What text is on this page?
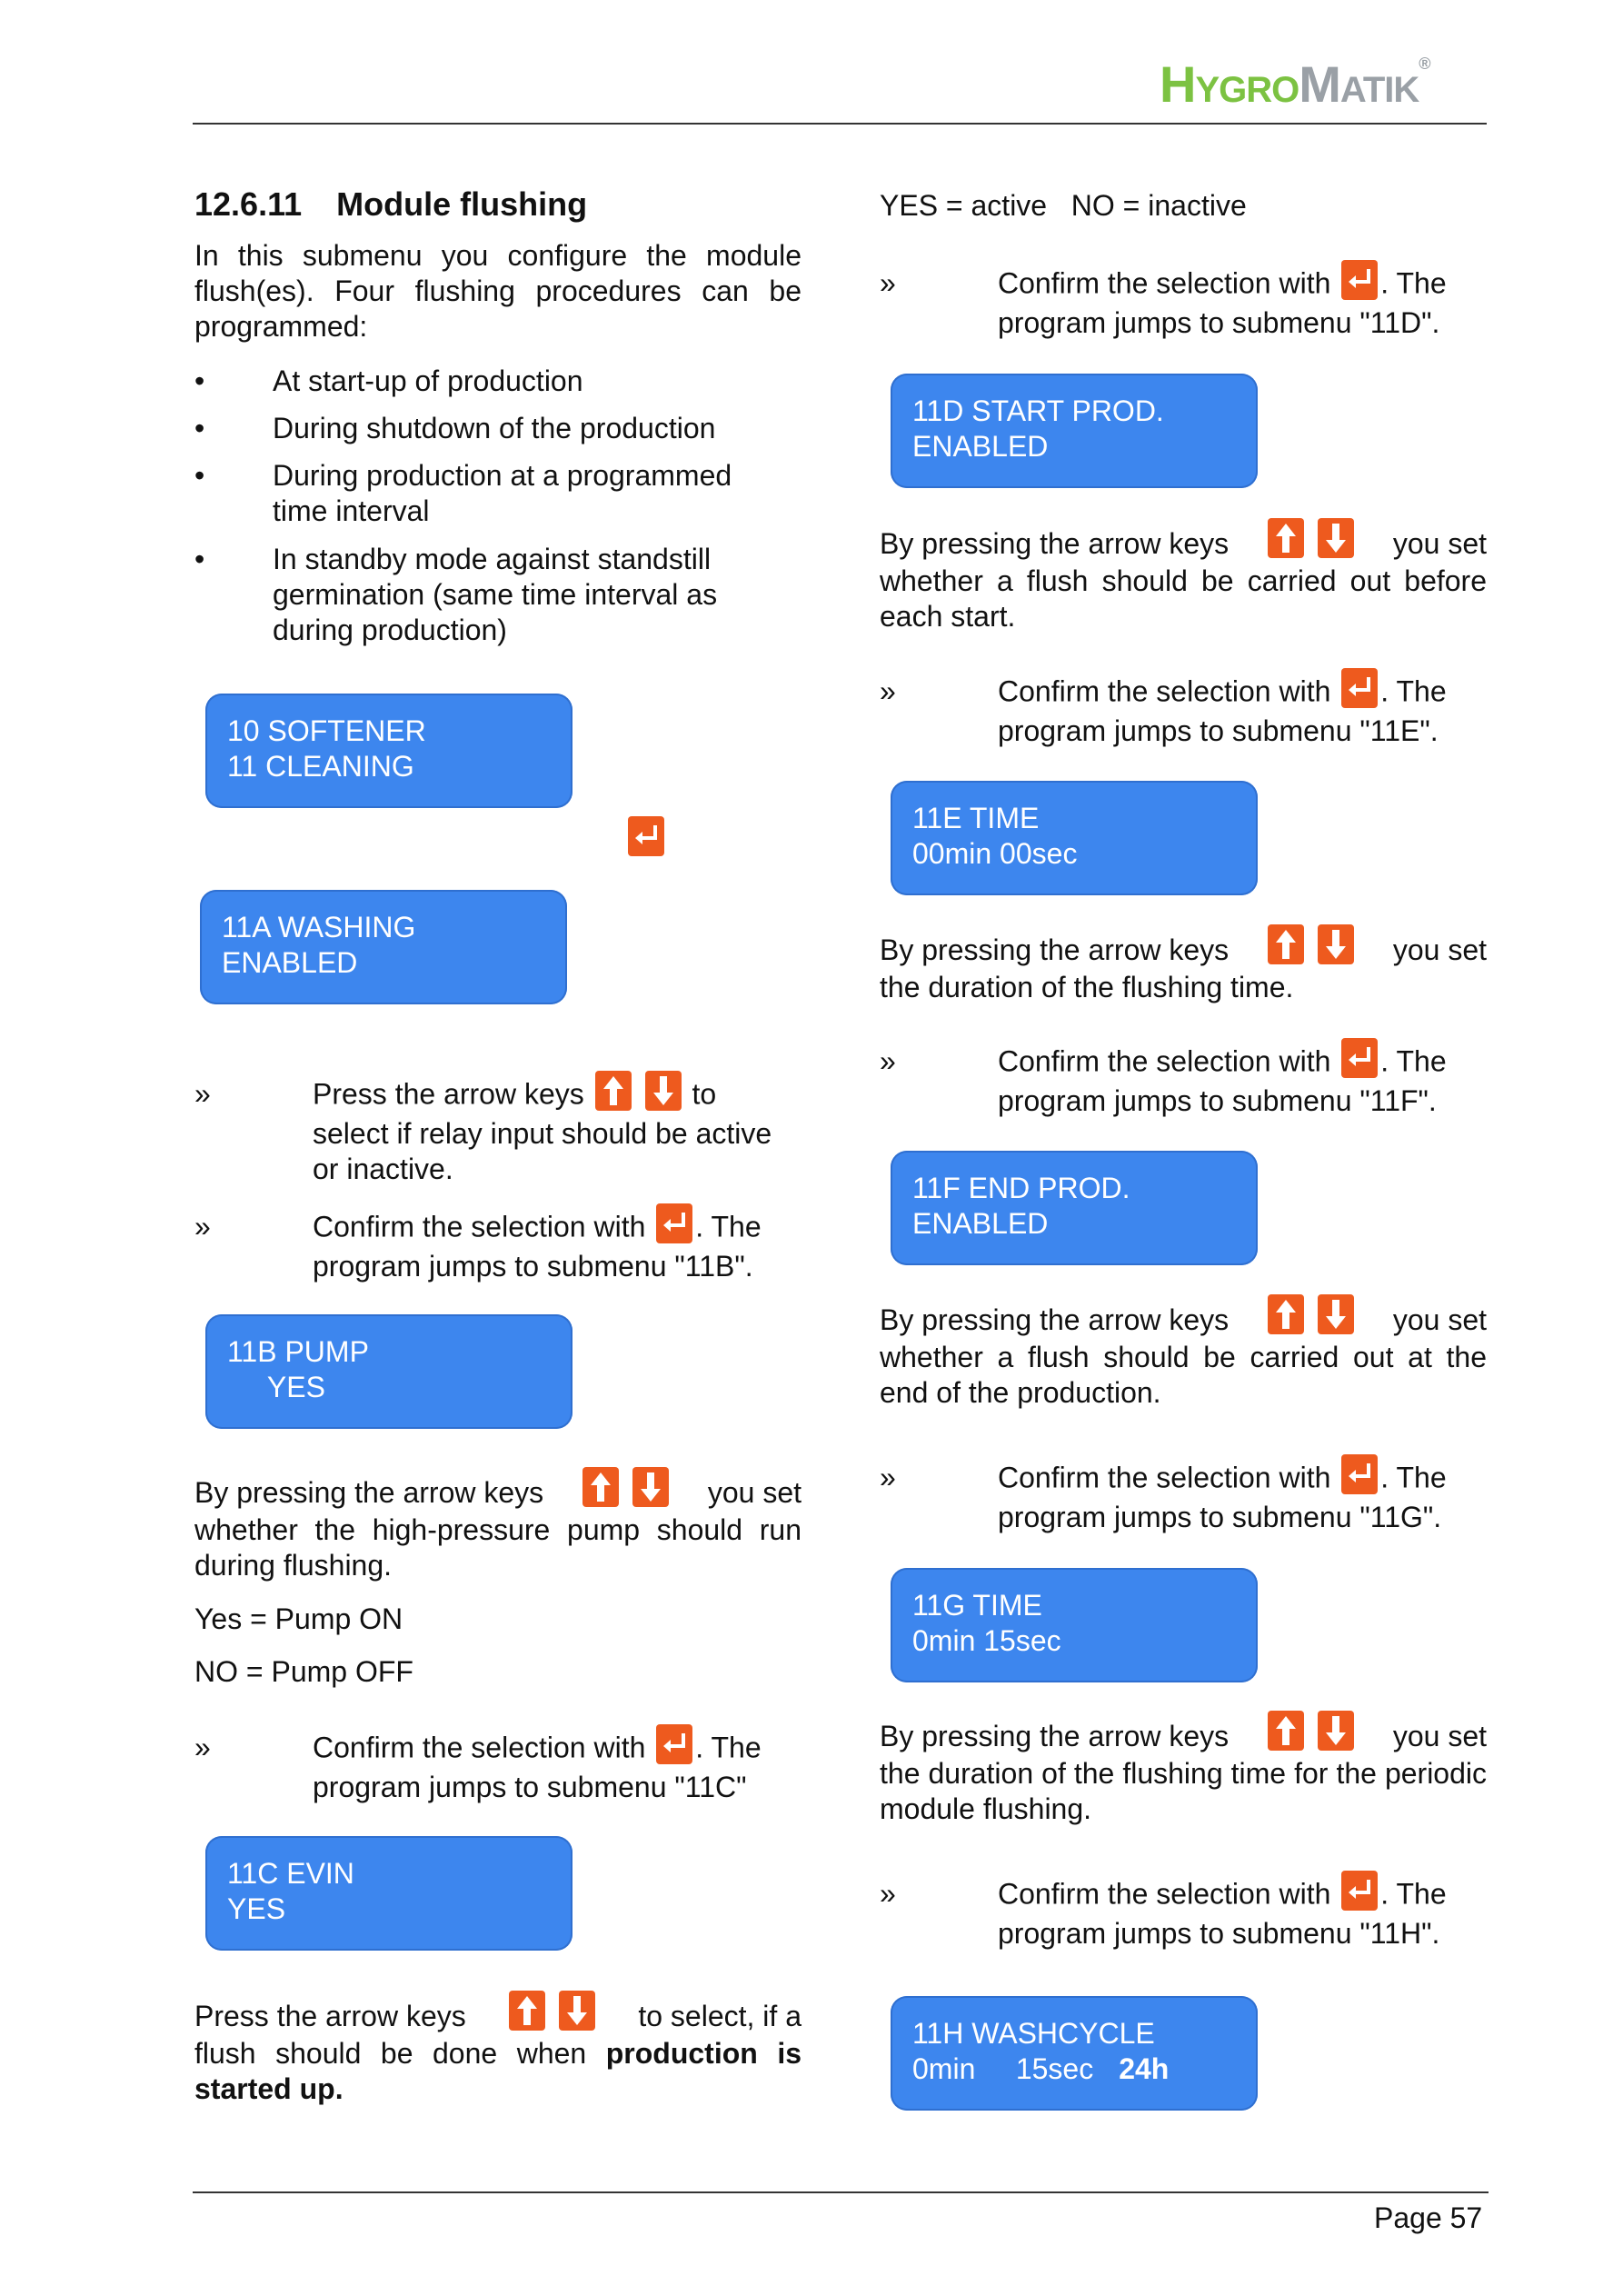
HYGROMATIK®
12.6.11 Module flushing
In this submenu you configure the module flush(es). Four flushing procedures can be programmed:
• At start-up of production
• During shutdown of the production
• During production at a programmed time interval
• In standby mode against standstill germination (same time interval as during production)
10 SOFTENER
11 CLEANING
11A WASHING
ENABLED
»	Press the arrow keys
	to
select if relay input should be active or inactive.
»	Confirm the selection with . The
program jumps to submenu "11B".
11B PUMP
YES
By pressing the arrow keys
	you set
whether the high-pressure pump should run during flushing.
Yes = Pump ON
NO = Pump OFF
»	Confirm the selection with . The
program jumps to submenu "11C"
11C EVIN
YES
Press the arrow keys
	to select, if a
flush should be done when production is started up.
YES = active   NO = inactive
»	Confirm the selection with . The
program jumps to submenu "11D".
11D START PROD.
ENABLED
By pressing the arrow keys
	you set
whether a flush should be carried out before each start.
»	Confirm the selection with . The
program jumps to submenu "11E".
11E TIME
00min 00sec
By pressing the arrow keys
	you set
the duration of the flushing time.
»	Confirm the selection with . The
program jumps to submenu "11F".
11F END PROD.
ENABLED
By pressing the arrow keys
	you set
whether a flush should be carried out at the end of the production.
»	Confirm the selection with . The
program jumps to submenu "11G".
11G TIME
0min 15sec
By pressing the arrow keys
	you set
the duration of the flushing time for the periodic module flushing.
»	Confirm the selection with . The
program jumps to submenu "11H".
11H WASHCYCLE
0min     15sec 24h
Page 57
